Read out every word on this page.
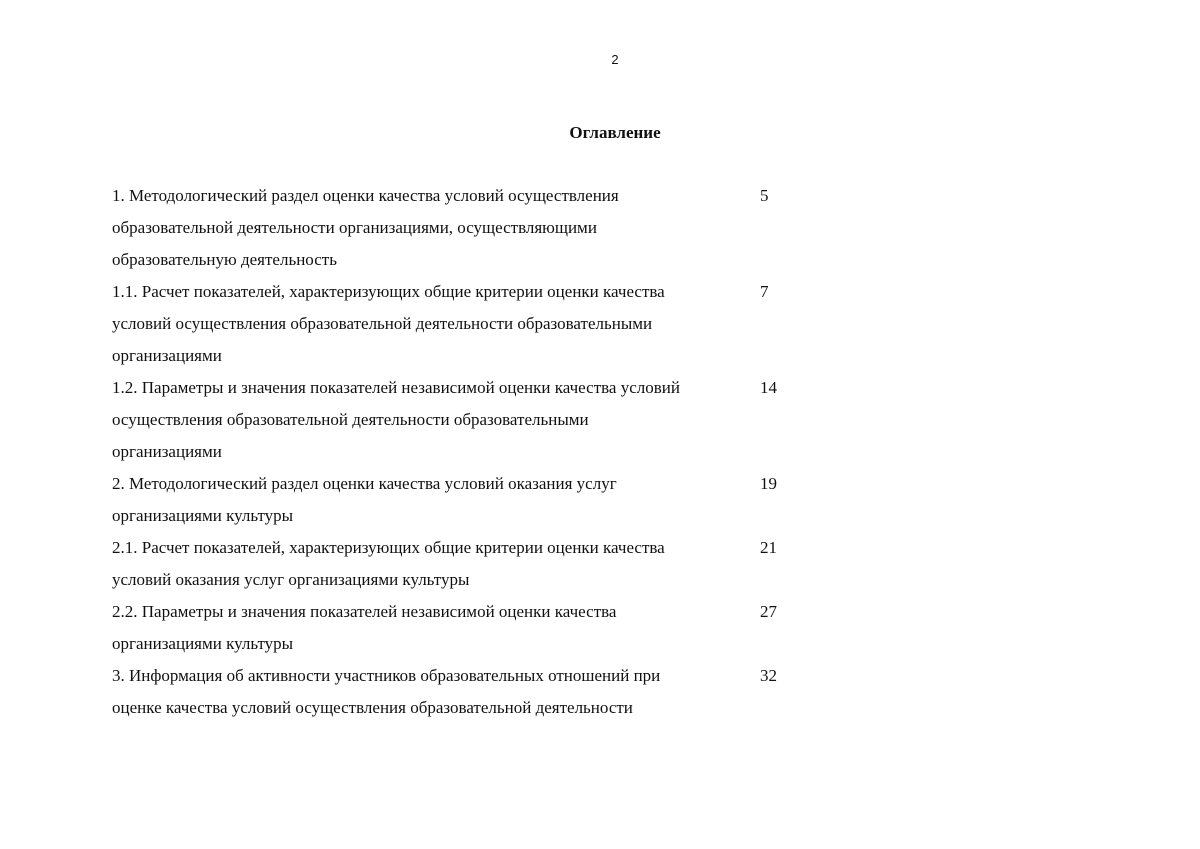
2
Оглавление
1. Методологический раздел оценки качества условий осуществления
образовательной деятельности организациями, осуществляющими
образовательную деятельность
5
1.1. Расчет показателей, характеризующих общие критерии оценки качества
условий осуществления образовательной деятельности образовательными
организациями
7
1.2. Параметры и значения показателей независимой оценки качества условий
осуществления образовательной деятельности образовательными
организациями
14
2. Методологический раздел оценки качества условий оказания услуг
организациями культуры
19
2.1. Расчет показателей, характеризующих общие критерии оценки качества
условий оказания услуг организациями культуры
21
2.2. Параметры и значения показателей независимой оценки качества
организациями культуры
27
3. Информация об активности участников образовательных отношений при
оценке качества условий осуществления образовательной деятельности
32
